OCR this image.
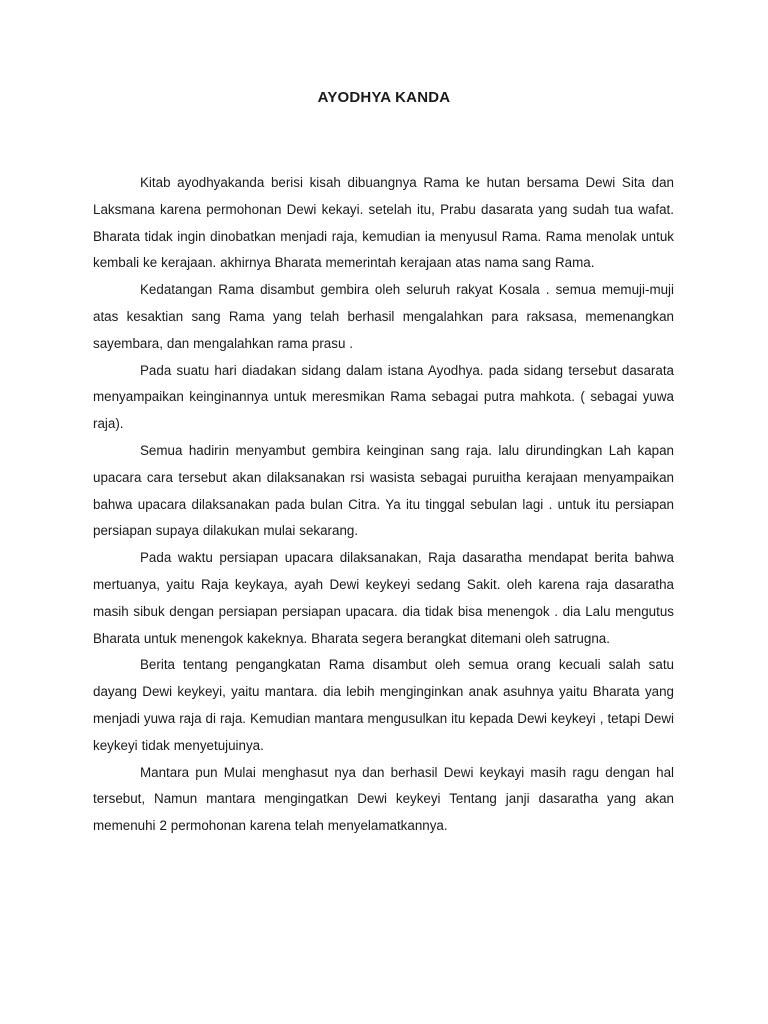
AYODHYA KANDA

Kitab ayodhyakanda berisi kisah dibuangnya Rama ke hutan bersama Dewi Sita dan Laksmana karena permohonan Dewi kekayi. setelah itu, Prabu dasarata yang sudah tua wafat. Bharata tidak ingin dinobatkan menjadi raja, kemudian ia menyusul Rama. Rama menolak untuk kembali ke kerajaan. akhirnya Bharata memerintah kerajaan atas nama sang Rama.

Kedatangan Rama disambut gembira oleh seluruh rakyat Kosala . semua memuji-muji atas kesaktian sang Rama yang telah berhasil mengalahkan para raksasa, memenangkan sayembara, dan mengalahkan rama prasu .

Pada suatu hari diadakan sidang dalam istana Ayodhya. pada sidang tersebut dasarata menyampaikan keinginannya untuk meresmikan Rama sebagai putra mahkota. ( sebagai yuwa raja).

Semua hadirin menyambut gembira keinginan sang raja. lalu dirundingkan Lah kapan upacara cara tersebut akan dilaksanakan rsi wasista sebagai puruitha kerajaan menyampaikan bahwa upacara dilaksanakan pada bulan Citra. Ya itu tinggal sebulan lagi . untuk itu persiapan persiapan supaya dilakukan mulai sekarang.

Pada waktu persiapan upacara dilaksanakan, Raja dasaratha mendapat berita bahwa mertuanya, yaitu Raja keykaya, ayah Dewi keykeyi sedang Sakit. oleh karena raja dasaratha masih sibuk dengan persiapan persiapan upacara. dia tidak bisa menengok . dia Lalu mengutus Bharata untuk menengok kakeknya. Bharata segera berangkat ditemani oleh satrugna.

Berita tentang pengangkatan Rama disambut oleh semua orang kecuali salah satu dayang Dewi keykeyi, yaitu mantara. dia lebih menginginkan anak asuhnya yaitu Bharata yang menjadi yuwa raja di raja. Kemudian mantara mengusulkan itu kepada Dewi keykeyi , tetapi Dewi keykeyi tidak menyetujuinya.

Mantara pun Mulai menghasut nya dan berhasil Dewi keykayi masih ragu dengan hal tersebut, Namun mantara mengingatkan Dewi keykeyi Tentang janji dasaratha yang akan memenuhi 2 permohonan karena telah menyelamatkannya.
